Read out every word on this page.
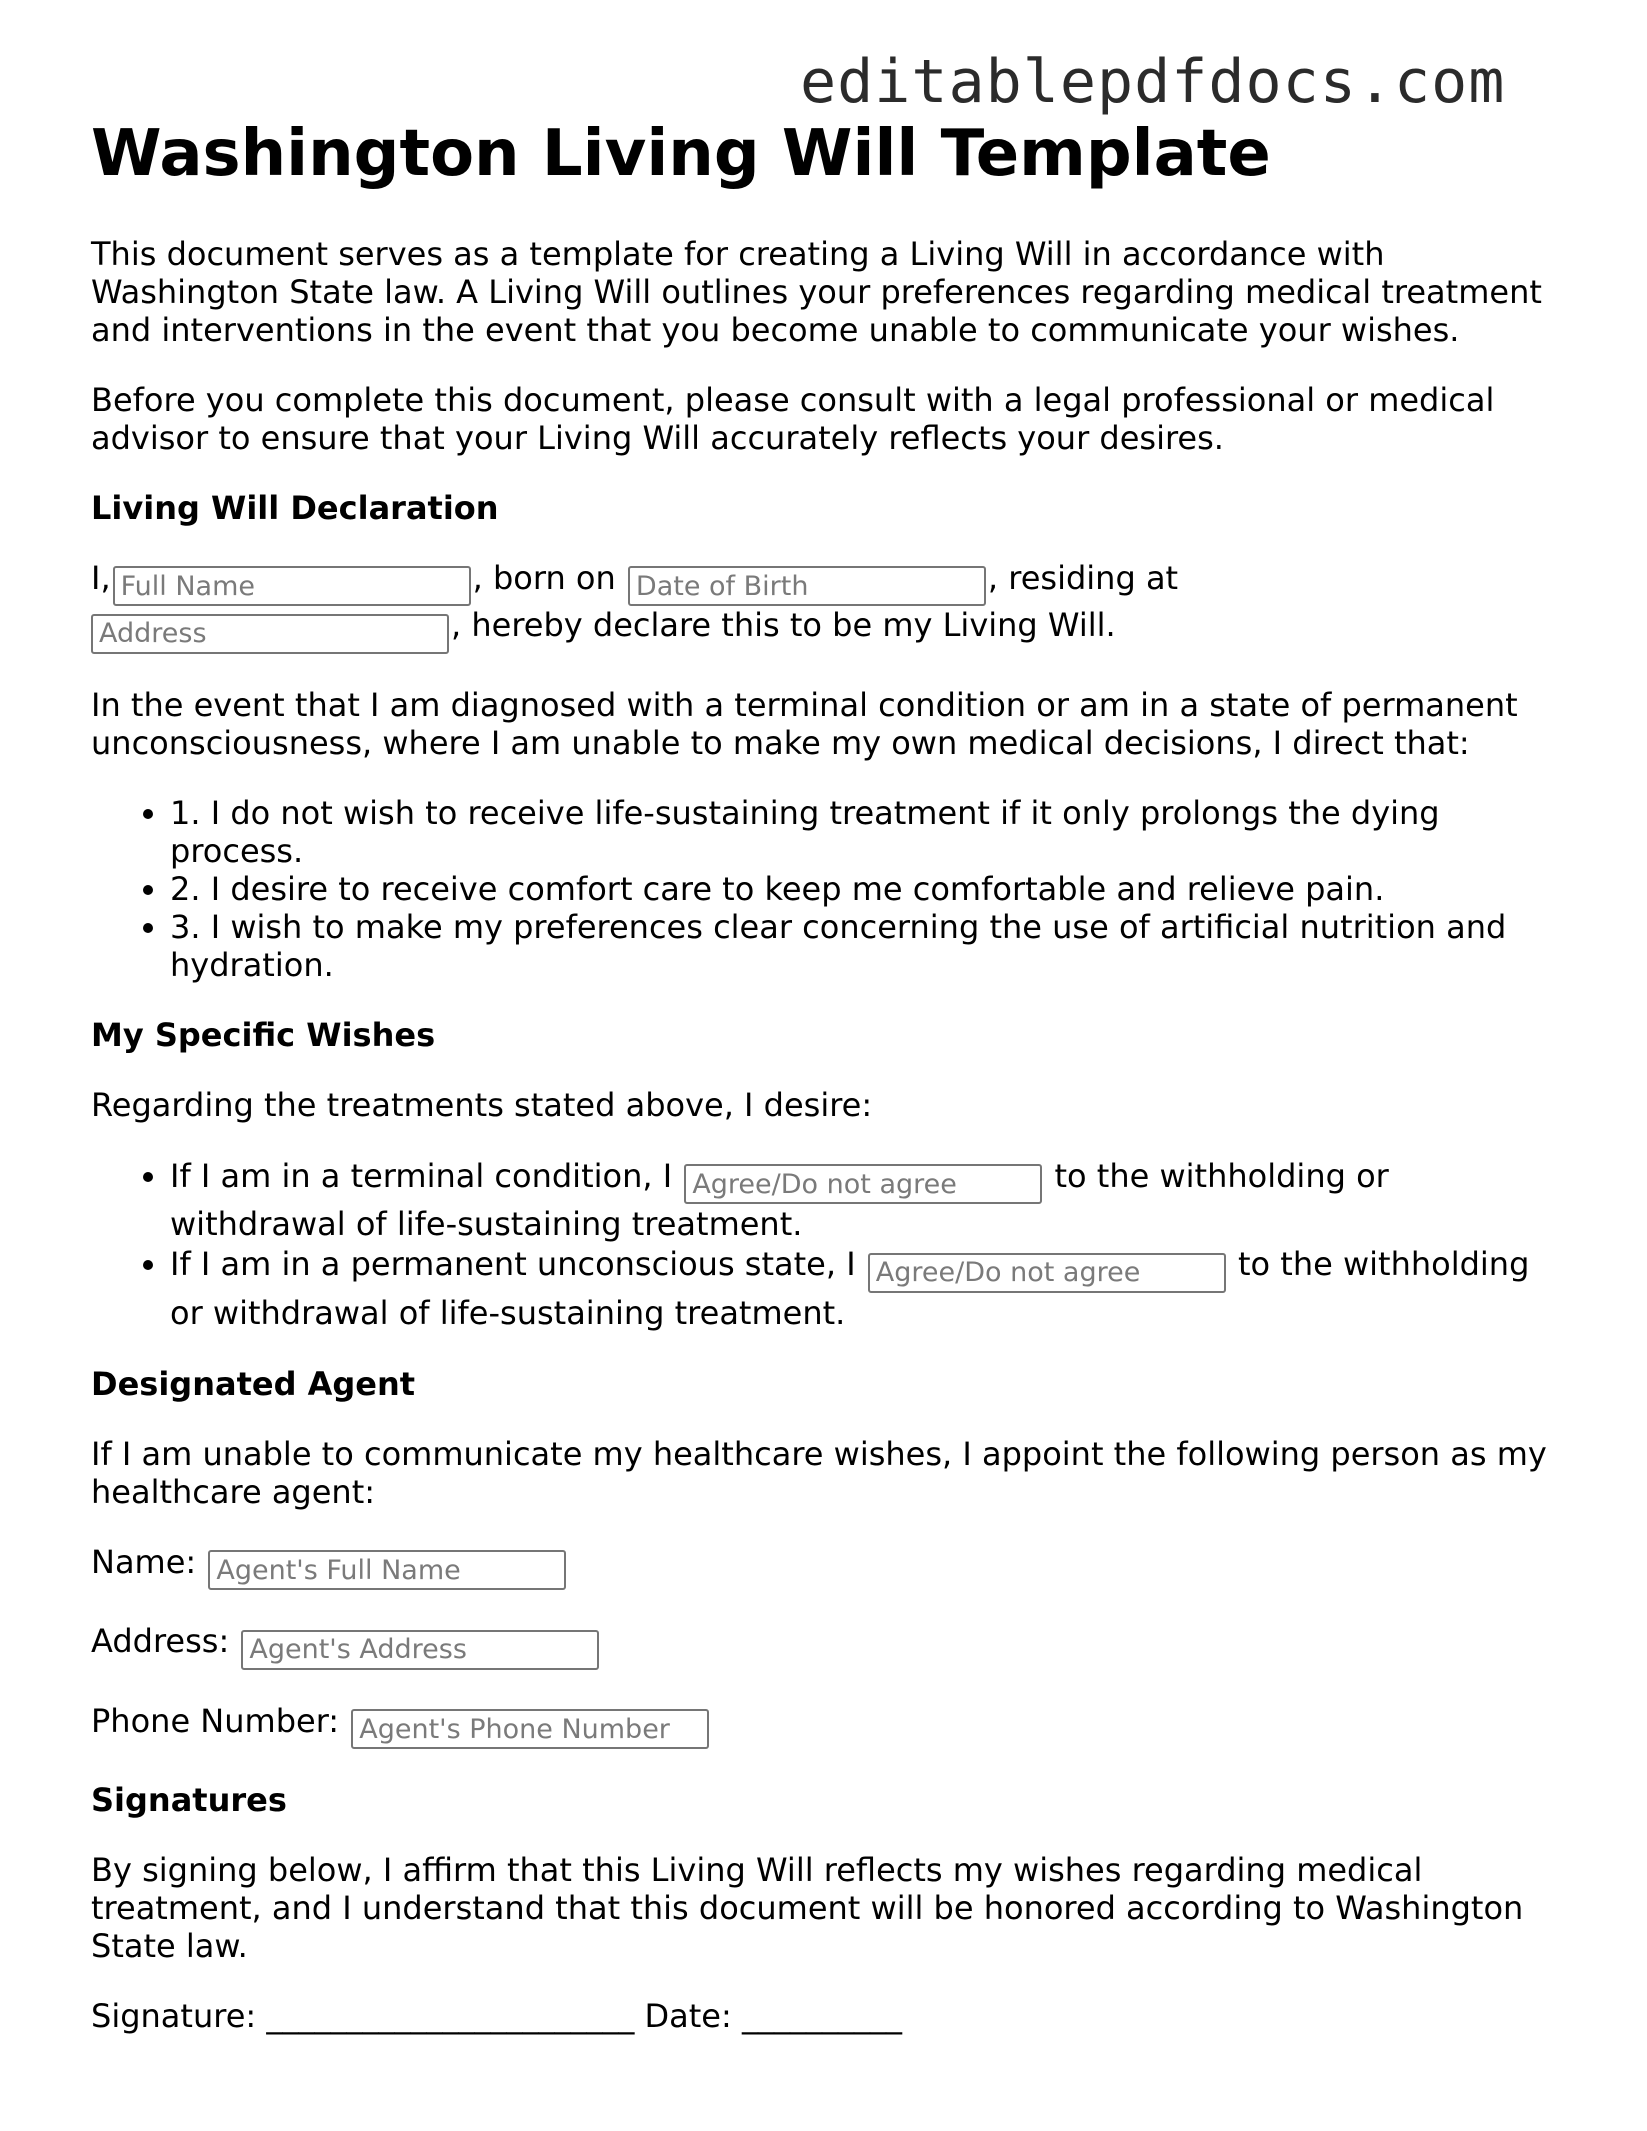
editablepdfdocs.com
Washington Living Will Template

This document serves as a template for creating a Living Will in accordance with Washington State law. A Living Will outlines your preferences regarding medical treatment and interventions in the event that you become unable to communicate your wishes.

Before you complete this document, please consult with a legal professional or medical advisor to ensure that your Living Will accurately reflects your desires.

Living Will Declaration

I,Full Name	, born on Date of Birth	, residing at
Address, hereby declare this to be my Living Will.

In the event that I am diagnosed with a terminal condition or am in a state of permanent unconsciousness, where I am unable to make my own medical decisions, I direct that:

• 1. I do not wish to receive life-sustaining treatment if it only prolongs the dying process.
• 2. I desire to receive comfort care to keep me comfortable and relieve pain.
• 3. I wish to make my preferences clear concerning the use of artificial nutrition and hydration.
My Specific Wishes

Regarding the treatments stated above, I desire:

• If I am in a terminal condition, I Agree/Do not agree	to the withholding or withdrawal of life-sustaining treatment.
• If I am in a permanent unconscious state, I Agree/Do not agree	to the withholding or withdrawal of life-sustaining treatment.
Designated Agent

If I am unable to communicate my healthcare wishes, I appoint the following person as my healthcare agent:

Name: Agent's Full Name

Address: Agent's Address

Phone Number: Agent's Phone Number

Signatures

By signing below, I affirm that this Living Will reflects my wishes regarding medical treatment, and I understand that this document will be honored according to Washington State law.

Signature: _______________________ Date: __________
